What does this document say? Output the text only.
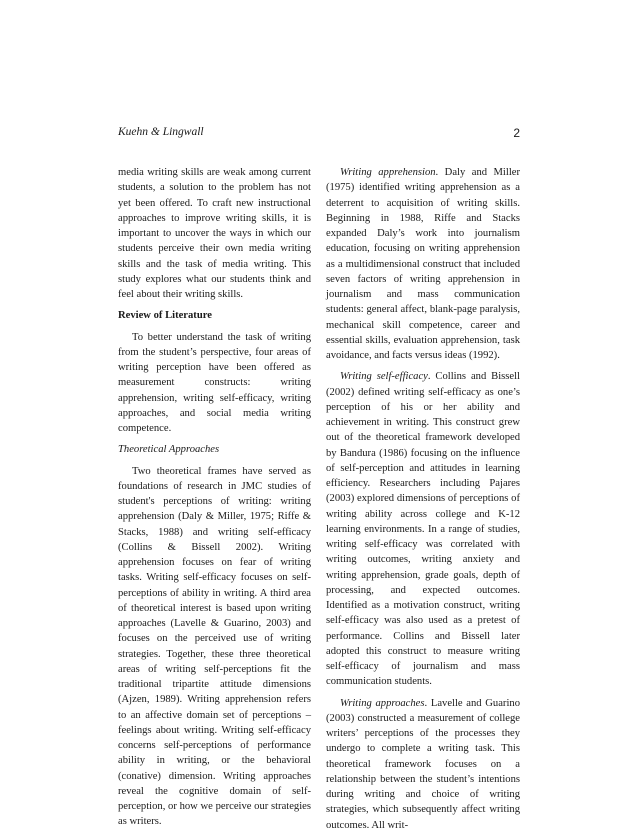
Kuehn & Lingwall	2

media writing skills are weak among current students, a solution to the problem has not yet been offered. To craft new instructional approaches to improve writing skills, it is important to uncover the ways in which our students perceive their own media writing skills and the task of media writing. This study explores what our students think and feel about their writing skills.

Review of Literature

To better understand the task of writing from the student’s perspective, four areas of writing perception have been offered as measurement constructs: writing apprehension, writing self-efficacy, writing approaches, and social media writing competence.

Theoretical Approaches

Two theoretical frames have served as foundations of research in JMC studies of student's perceptions of writing: writing apprehension (Daly & Miller, 1975; Riffe & Stacks, 1988) and writing self-efficacy (Collins & Bissell 2002). Writing apprehension focuses on fear of writing tasks. Writing self-efficacy focuses on self-perceptions of ability in writing. A third area of theoretical interest is based upon writing approaches (Lavelle & Guarino, 2003) and focuses on the perceived use of writing strategies. Together, these three theoretical areas of writing self-perceptions fit the traditional tripartite attitude dimensions (Ajzen, 1989). Writing apprehension refers to an affective domain set of perceptions – feelings about writing. Writing self-efficacy concerns self-perceptions of performance ability in writing, or the behavioral (conative) dimension. Writing approaches reveal the cognitive domain of self-perception, or how we perceive our strategies as writers.

Writing apprehension. Daly and Miller (1975) identified writing apprehension as a deterrent to acquisition of writing skills. Beginning in 1988, Riffe and Stacks expanded Daly’s work into journalism education, focusing on writing apprehension as a multidimensional construct that included seven factors of writing apprehension in journalism and mass communication students: general affect, blank-page paralysis, mechanical skill competence, career and essential skills, evaluation apprehension, task avoidance, and facts versus ideas (1992).

Writing self-efficacy. Collins and Bissell (2002) defined writing self-efficacy as one’s perception of his or her ability and achievement in writing. This construct grew out of the theoretical framework developed by Bandura (1986) focusing on the influence of self-perception and attitudes in learning efficiency. Researchers including Pajares (2003) explored dimensions of perceptions of writing ability across college and K-12 learning environments. In a range of studies, writing self-efficacy was correlated with writing outcomes, writing anxiety and writing apprehension, grade goals, depth of processing, and expected outcomes. Identified as a motivation construct, writing self-efficacy was also used as a pretest of performance. Collins and Bissell later adopted this construct to measure writing self-efficacy of journalism and mass communication students.

Writing approaches. Lavelle and Guarino (2003) constructed a measurement of college writers’ perceptions of the processes they undergo to complete a writing task. This theoretical framework focuses on a relationship between the student’s intentions during writing and choice of writing strategies, which subsequently affect writing outcomes. All writ-
